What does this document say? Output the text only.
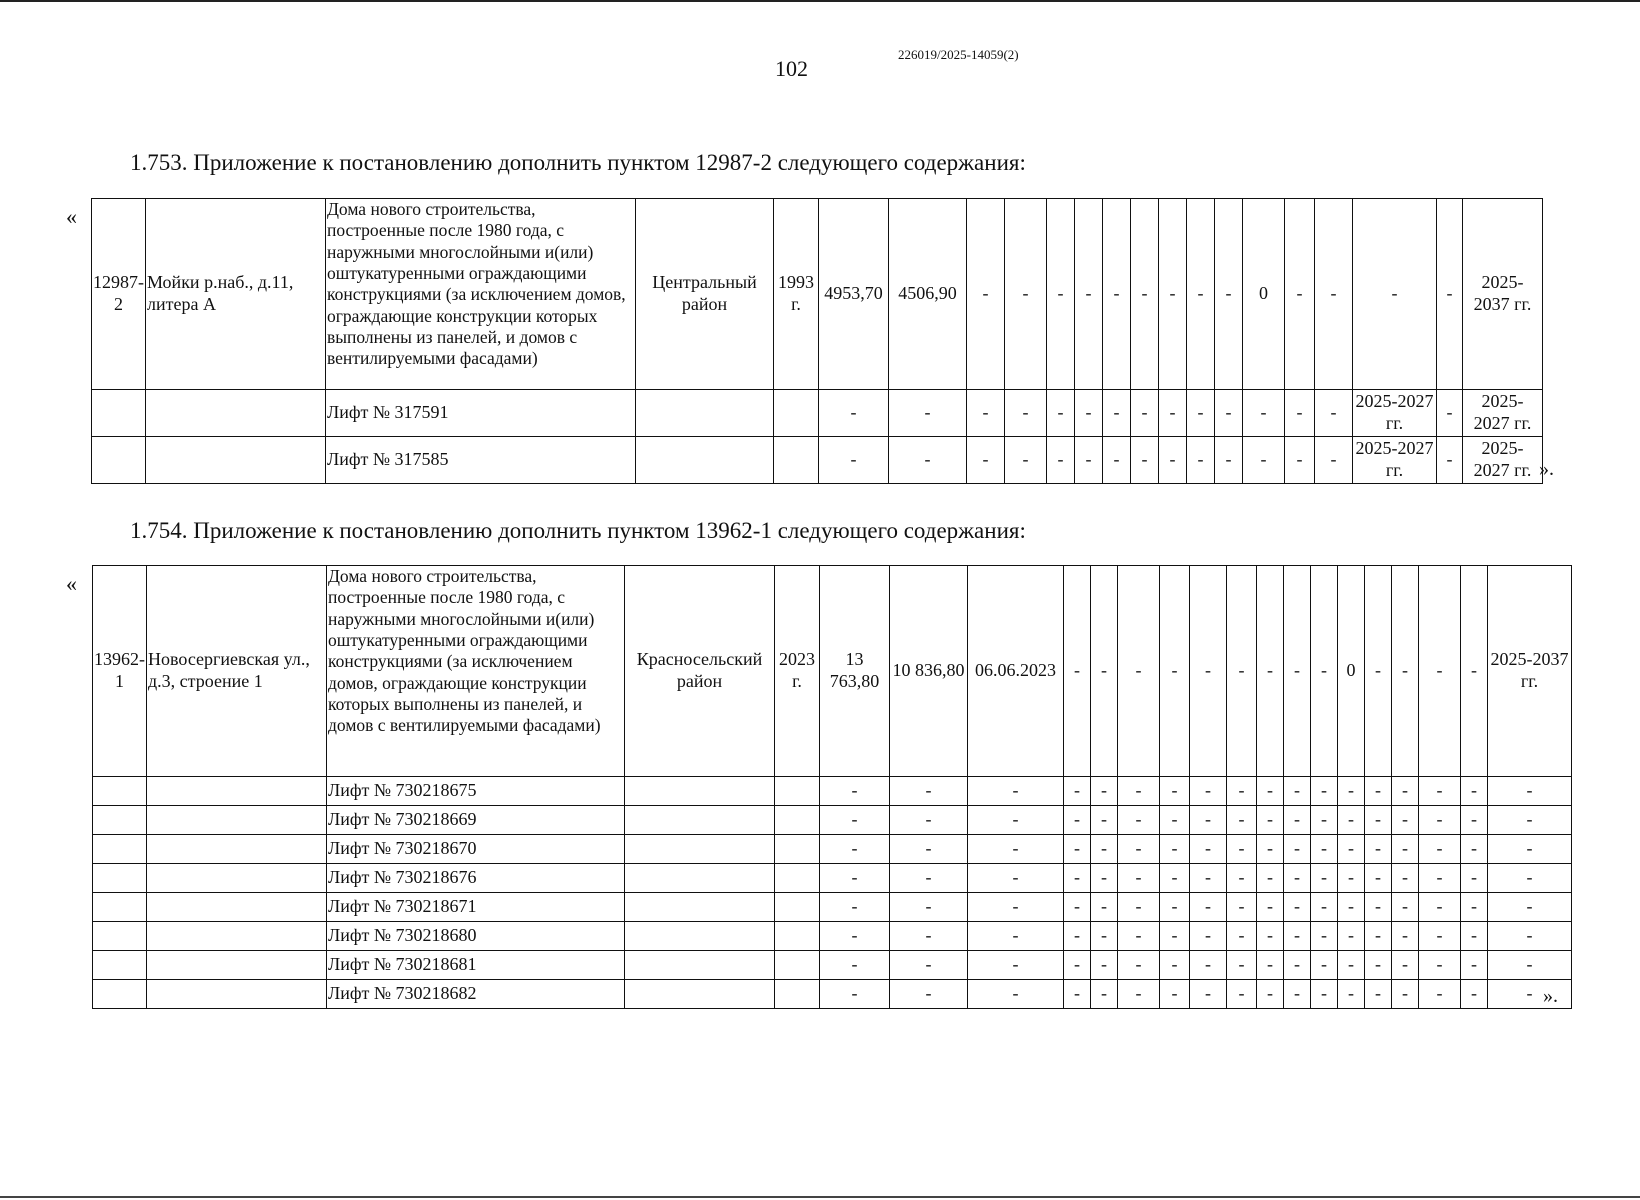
102
226019/2025-14059(2)
1.753. Приложение к постановлению дополнить пунктом 12987-2 следующего содержания:
«
».
12987-2	Мойки р.наб., д.11, литера А	Дома нового строительства, построенные после 1980 года, с наружными многослойными и(или) оштукатуренными ограждающими конструкциями (за исключением домов, ограждающие конструкции которых выполнены из панелей, и домов с вентилируемыми фасадами)	Центральный район	1993 г.	4953,70	4506,90	-	-	-	-	-	-	-	-	-	0	-	-	-	-	2025-2037 гг.
		Лифт № 317591			-	-	-	-	-	-	-	-	-	-	-	-	-	-	2025-2027 гг.	-	2025-2027 гг.
		Лифт № 317585			-	-	-	-	-	-	-	-	-	-	-	-	-	-	2025-2027 гг.	-	2025-2027 гг.
1.754. Приложение к постановлению дополнить пунктом 13962-1 следующего содержания:
«
».
13962-1	Новосергиевская ул., д.3, строение 1	Дома нового строительства, построенные после 1980 года, с наружными многослойными и(или) оштукатуренными ограждающими конструкциями (за исключением домов, ограждающие конструкции которых выполнены из панелей, и домов с вентилируемыми фасадами)	Красносельский район	2023 г.	13 763,80	10 836,80	06.06.2023	-	-	-	-	-	-	-	-	-	0	-	-	-	-	2025-2037 гг.
		Лифт № 730218675			-	-	-	-	-	-	-	-	-	-	-	-	-	-	-	-	-	-
		Лифт № 730218669			-	-	-	-	-	-	-	-	-	-	-	-	-	-	-	-	-	-
		Лифт № 730218670			-	-	-	-	-	-	-	-	-	-	-	-	-	-	-	-	-	-
		Лифт № 730218676			-	-	-	-	-	-	-	-	-	-	-	-	-	-	-	-	-	-
		Лифт № 730218671			-	-	-	-	-	-	-	-	-	-	-	-	-	-	-	-	-	-
		Лифт № 730218680			-	-	-	-	-	-	-	-	-	-	-	-	-	-	-	-	-	-
		Лифт № 730218681			-	-	-	-	-	-	-	-	-	-	-	-	-	-	-	-	-	-
		Лифт № 730218682			-	-	-	-	-	-	-	-	-	-	-	-	-	-	-	-	-	-
